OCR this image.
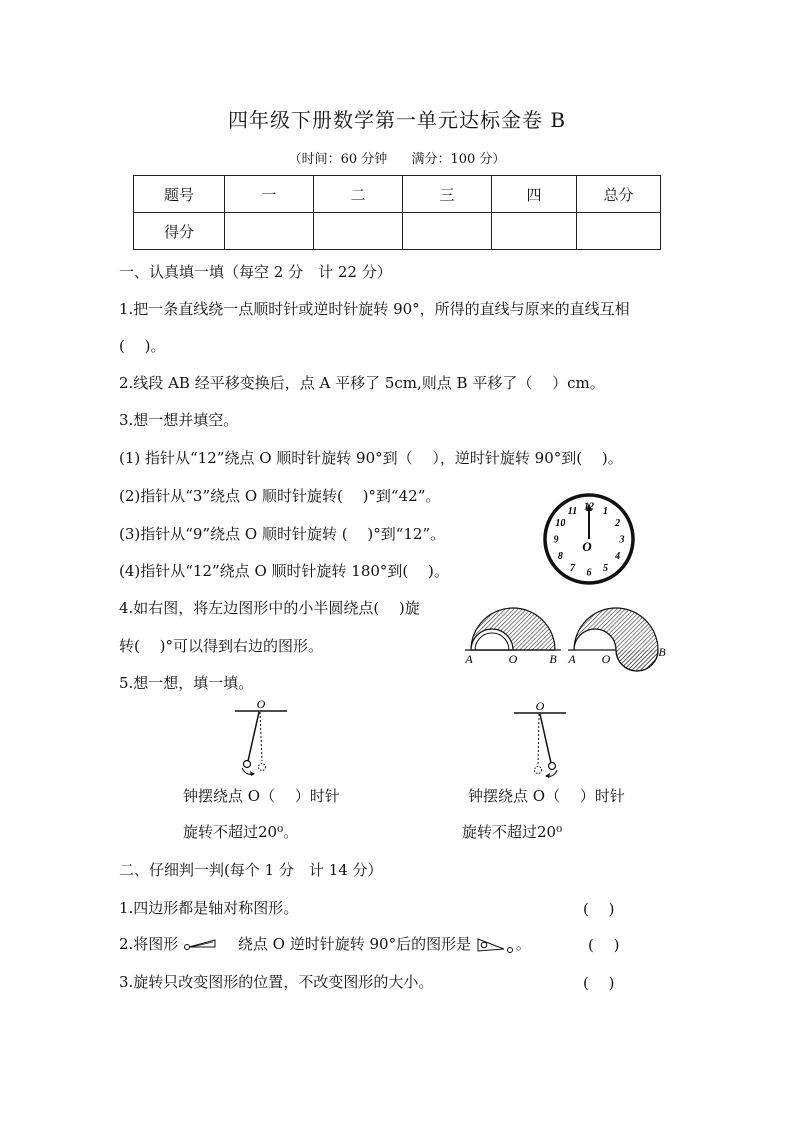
四年级下册数学第一单元达标金卷 B
（时间：60 分钟 满分：100 分）
题号	一	二	三	四	总分
得分					
一、认真填一填（每空 2 分　计 22 分）
1.把一条直线绕一点顺时针或逆时针旋转 90°，所得的直线与原来的直线互相
(　 )。
2.线段 AB 经平移变换后，点 A 平移了 5cm,则点 B 平移了（　 ）cm。
3.想一想并填空。
(1) 指针从“12”绕点 O 顺时针旋转 90°到（　 ），逆时针旋转 90°到(　 )。
(2)指针从“3”绕点 O 顺时针旋转(　 )°到“42”。
(3)指针从“9”绕点 O 顺时针旋转 (　 )°到“12”。
(4)指针从“12”绕点 O 顺时针旋转 180°到(　 )。
4.如右图，将左边图形中的小半圆绕点(　 )旋
转(　 )°可以得到右边的图形。
5.想一想，填一填。
钟摆绕点 O（　 ）时针
旋转不超过20⁰。
钟摆绕点 O（　 ）时针
旋转不超过20⁰
二、仔细判一判(每个 1 分　计 14 分）
1.四边形都是轴对称图形。	(　 )
2.将图形	绕点 O 逆时针旋转 90°后的图形是	。	(　 )
3.旋转只改变图形的位置，不改变图形的大小。	(　 )
12 1
2
3
4
5
6
7
8
9
10
11
O
A	O	B A O	B
O	O
